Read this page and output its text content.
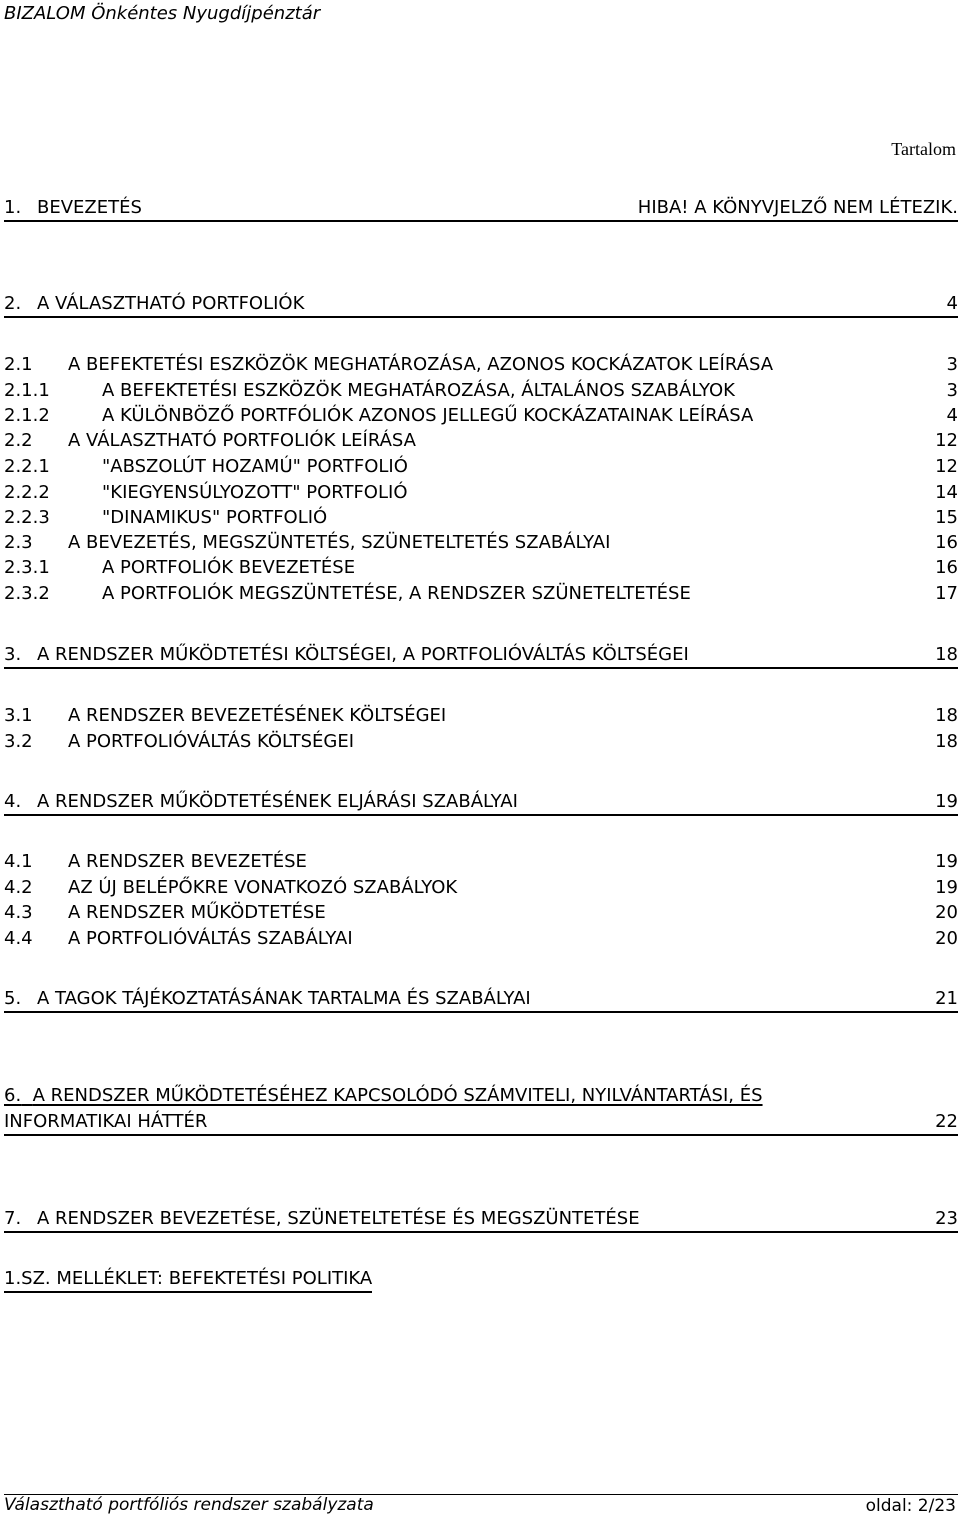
BIZALOM Önkéntes Nyugdíjpénztár
Tartalom
1. BEVEZETÉS	HIBA! A KÖNYVJELZŐ NEM LÉTEZIK.
2. A VÁLASZTHATÓ PORTFOLIÓK	4
2.1 A BEFEKTETÉSI ESZKÖZÖK MEGHATÁROZÁSA, AZONOS KOCKÁZATOK LEÍRÁSA	3
2.1.1	A BEFEKTETÉSI ESZKÖZÖK MEGHATÁROZÁSA, ÁLTALÁNOS SZABÁLYOK	3
2.1.2	A KÜLÖNBÖZŐ PORTFÓLIÓK AZONOS JELLEGŰ KOCKÁZATAINAK LEÍRÁSA	4
2.2 A VÁLASZTHATÓ PORTFOLIÓK LEÍRÁSA	12
2.2.1	"ABSZOLÚT HOZAMÚ" PORTFOLIÓ	12
2.2.2	"KIEGYENSÚLYOZOTT" PORTFOLIÓ	14
2.2.3	"DINAMIKUS" PORTFOLIÓ	15
2.3 A BEVEZETÉS, MEGSZÜNTETÉS, SZÜNETELTETÉS SZABÁLYAI	16
2.3.1	A PORTFOLIÓK BEVEZETÉSE	16
2.3.2	A PORTFOLIÓK MEGSZÜNTETÉSE, A RENDSZER SZÜNETELTETÉSE	17
3. A RENDSZER MŰKÖDTETÉSI KÖLTSÉGEI, A PORTFOLIÓVÁLTÁS KÖLTSÉGEI	18
3.1 A RENDSZER BEVEZETÉSÉNEK KÖLTSÉGEI	18
3.2 A PORTFOLIÓVÁLTÁS KÖLTSÉGEI	18
4. A RENDSZER MŰKÖDTETÉSÉNEK ELJÁRÁSI SZABÁLYAI	19
4.1 A RENDSZER BEVEZETÉSE	19
4.2 AZ ÚJ BELÉPŐKRE VONATKOZÓ SZABÁLYOK	19
4.3 A RENDSZER MŰKÖDTETÉSE	20
4.4 A PORTFOLIÓVÁLTÁS SZABÁLYAI	20
5. A TAGOK TÁJÉKOZTATÁSÁNAK TARTALMA ÉS SZABÁLYAI	21
6. A RENDSZER MŰKÖDTETÉSÉHEZ KAPCSOLÓDÓ SZÁMVITELI, NYILVÁNTARTÁSI, ÉS
INFORMATIKAI HÁTTÉR	22
7. A RENDSZER BEVEZETÉSE, SZÜNETELTETÉSE ÉS MEGSZÜNTETÉSE	23
1.SZ. MELLÉKLET: BEFEKTETÉSI POLITIKA
Választható portfóliós rendszer szabályzata	oldal: 2/23
